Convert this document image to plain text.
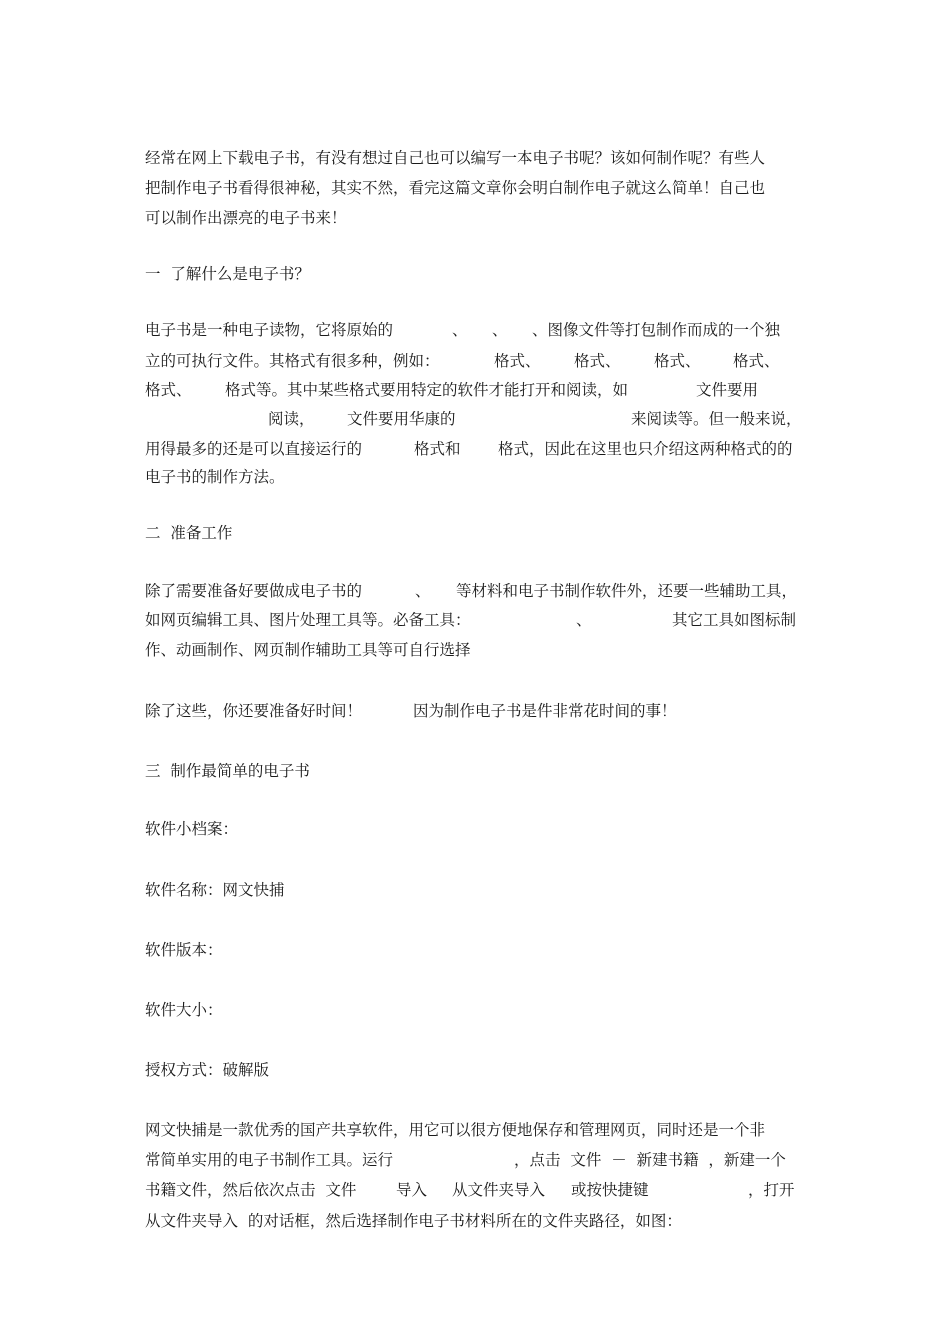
经常在网上下载电子书，有没有想过自己也可以编写一本电子书呢？该如何制作呢？有些人
把制作电子书看得很神秘，其实不然，看完这篇文章你会明白制作电子就这么简单！自己也
可以制作出漂亮的电子书来！
一  了解什么是电子书？
电子书是一种电子读物，它将原始的	、 、 、图像文件等打包制作而成的一个独
立的可执行文件。其格式有很多种，例如：	格式、 格式、 格式、 格式、
格式、 格式等。其中某些格式要用特定的软件才能打开和阅读，如	文件要用
阅读， 文件要用华康的	来阅读等。但一般来说，
用得最多的还是可以直接运行的	格式和 格式，因此在这里也只介绍这两种格式的的
电子书的制作方法。
二  准备工作
除了需要准备好要做成电子书的	、 等材料和电子书制作软件外，还要一些辅助工具，
如网页编辑工具、图片处理工具等。必备工具：	、	其它工具如图标制
作、动画制作、网页制作辅助工具等可自行选择
除了这些，你还要准备好时间！	因为制作电子书是件非常花时间的事！
三  制作最简单的电子书
软件小档案：
软件名称：网文快捕
软件版本：
软件大小：
授权方式：破解版
网文快捕是一款优秀的国产共享软件，用它可以很方便地保存和管理网页，同时还是一个非
常简单实用的电子书制作工具。运行	，点击  文件  －  新建书籍  ，新建一个
书籍文件，然后依次点击  文件	导入 从文件夹导入 或按快捷键	，打开
从文件夹导入  的对话框，然后选择制作电子书材料所在的文件夹路径，如图：
